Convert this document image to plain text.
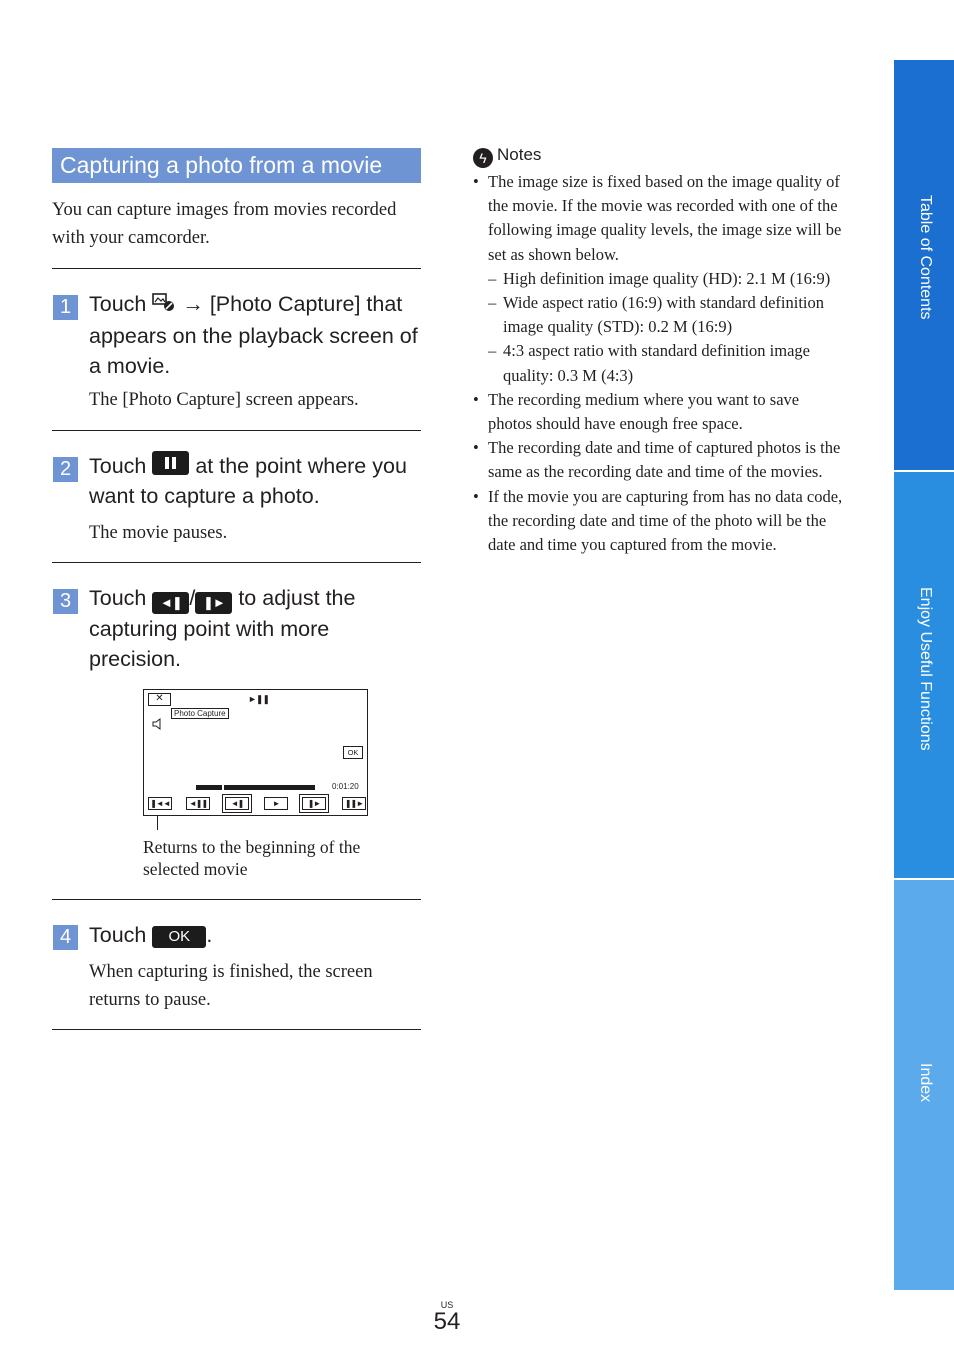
Capturing a photo from a movie
You can capture images from movies recorded with your camcorder.
1 Touch → [Photo Capture] that appears on the playback screen of a movie.
The [Photo Capture] screen appears.
2 Touch at the point where you want to capture a photo.
The movie pauses.
3 Touch ◄❚ / ❚► to adjust the capturing point with more precision.
✕	►❚❚
Photo Capture
OK
0:01:20
❚◄◄	◄❚❚	◄❚	►	❚►	❚❚►
Returns to the beginning of the selected movie
4 Touch OK .
When capturing is finished, the screen returns to pause.
ϟ Notes
• The image size is fixed based on the image quality of the movie. If the movie was recorded with one of the following image quality levels, the image size will be set as shown below.
– High definition image quality (HD): 2.1 M (16:9)
– Wide aspect ratio (16:9) with standard definition image quality (STD): 0.2 M (16:9)
– 4:3 aspect ratio with standard definition image quality: 0.3 M (4:3)
• The recording medium where you want to save photos should have enough free space.
• The recording date and time of captured photos is the same as the recording date and time of the movies.
• If the movie you are capturing from has no data code, the recording date and time of the photo will be the date and time you captured from the movie.
Table of Contents
Enjoy Useful Functions
Index
US
54
